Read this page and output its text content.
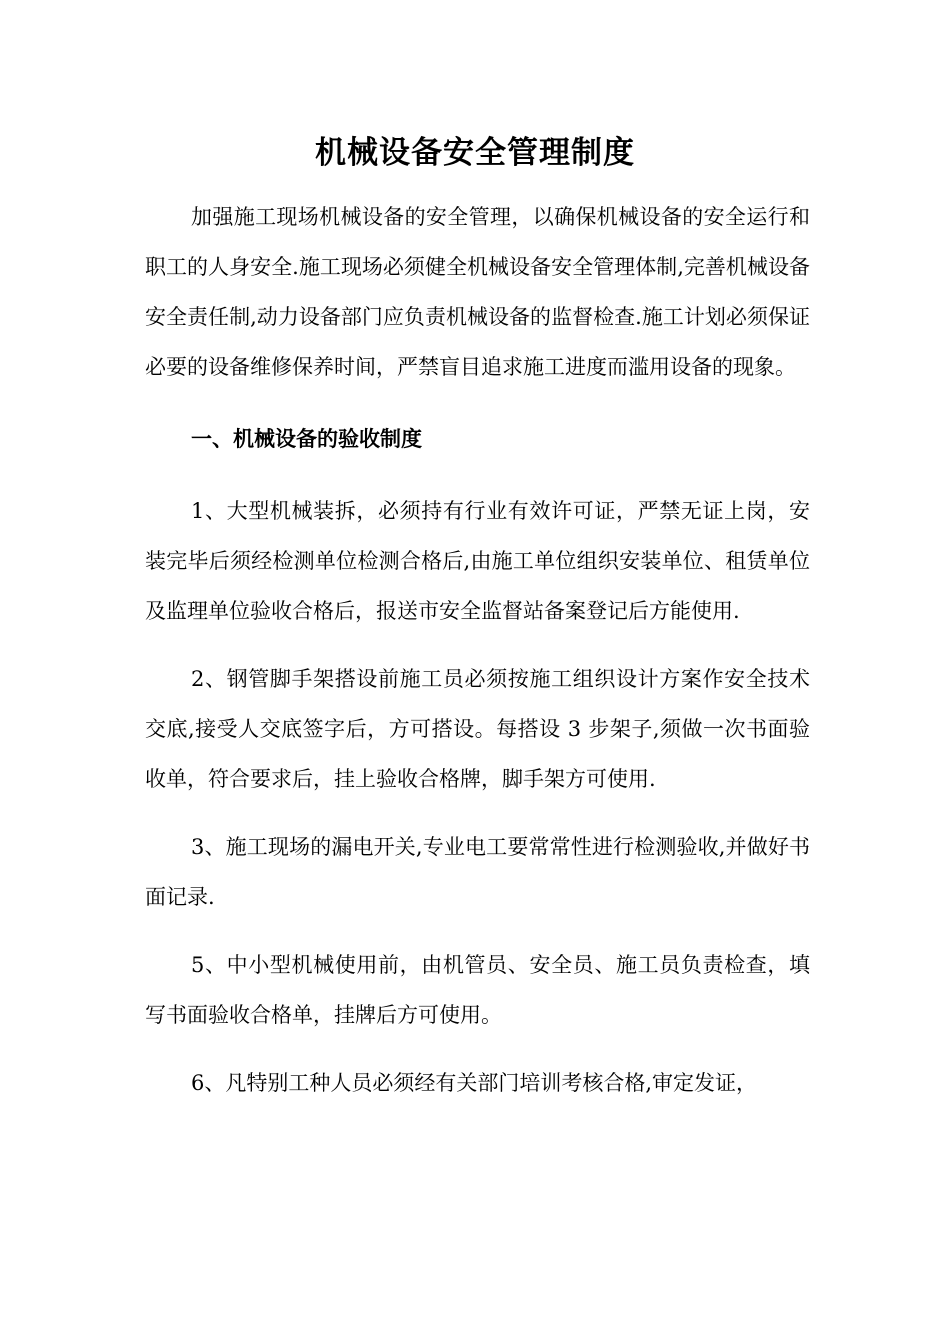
机械设备安全管理制度

加强施工现场机械设备的安全管理，以确保机械设备的安全运行和职工的人身安全.施工现场必须健全机械设备安全管理体制,完善机械设备安全责任制,动力设备部门应负责机械设备的监督检查.施工计划必须保证必要的设备维修保养时间，严禁盲目追求施工进度而滥用设备的现象。

一、机械设备的验收制度

1、大型机械装拆，必须持有行业有效许可证，严禁无证上岗，安装完毕后须经检测单位检测合格后,由施工单位组织安装单位、租赁单位及监理单位验收合格后，报送市安全监督站备案登记后方能使用.

2、钢管脚手架搭设前施工员必须按施工组织设计方案作安全技术交底,接受人交底签字后，方可搭设。每搭设 3 步架子,须做一次书面验收单，符合要求后，挂上验收合格牌，脚手架方可使用.

3、施工现场的漏电开关,专业电工要常常性进行检测验收,并做好书面记录.

5、中小型机械使用前，由机管员、安全员、施工员负责检查，填写书面验收合格单，挂牌后方可使用。

6、凡特别工种人员必须经有关部门培训考核合格,审定发证，
